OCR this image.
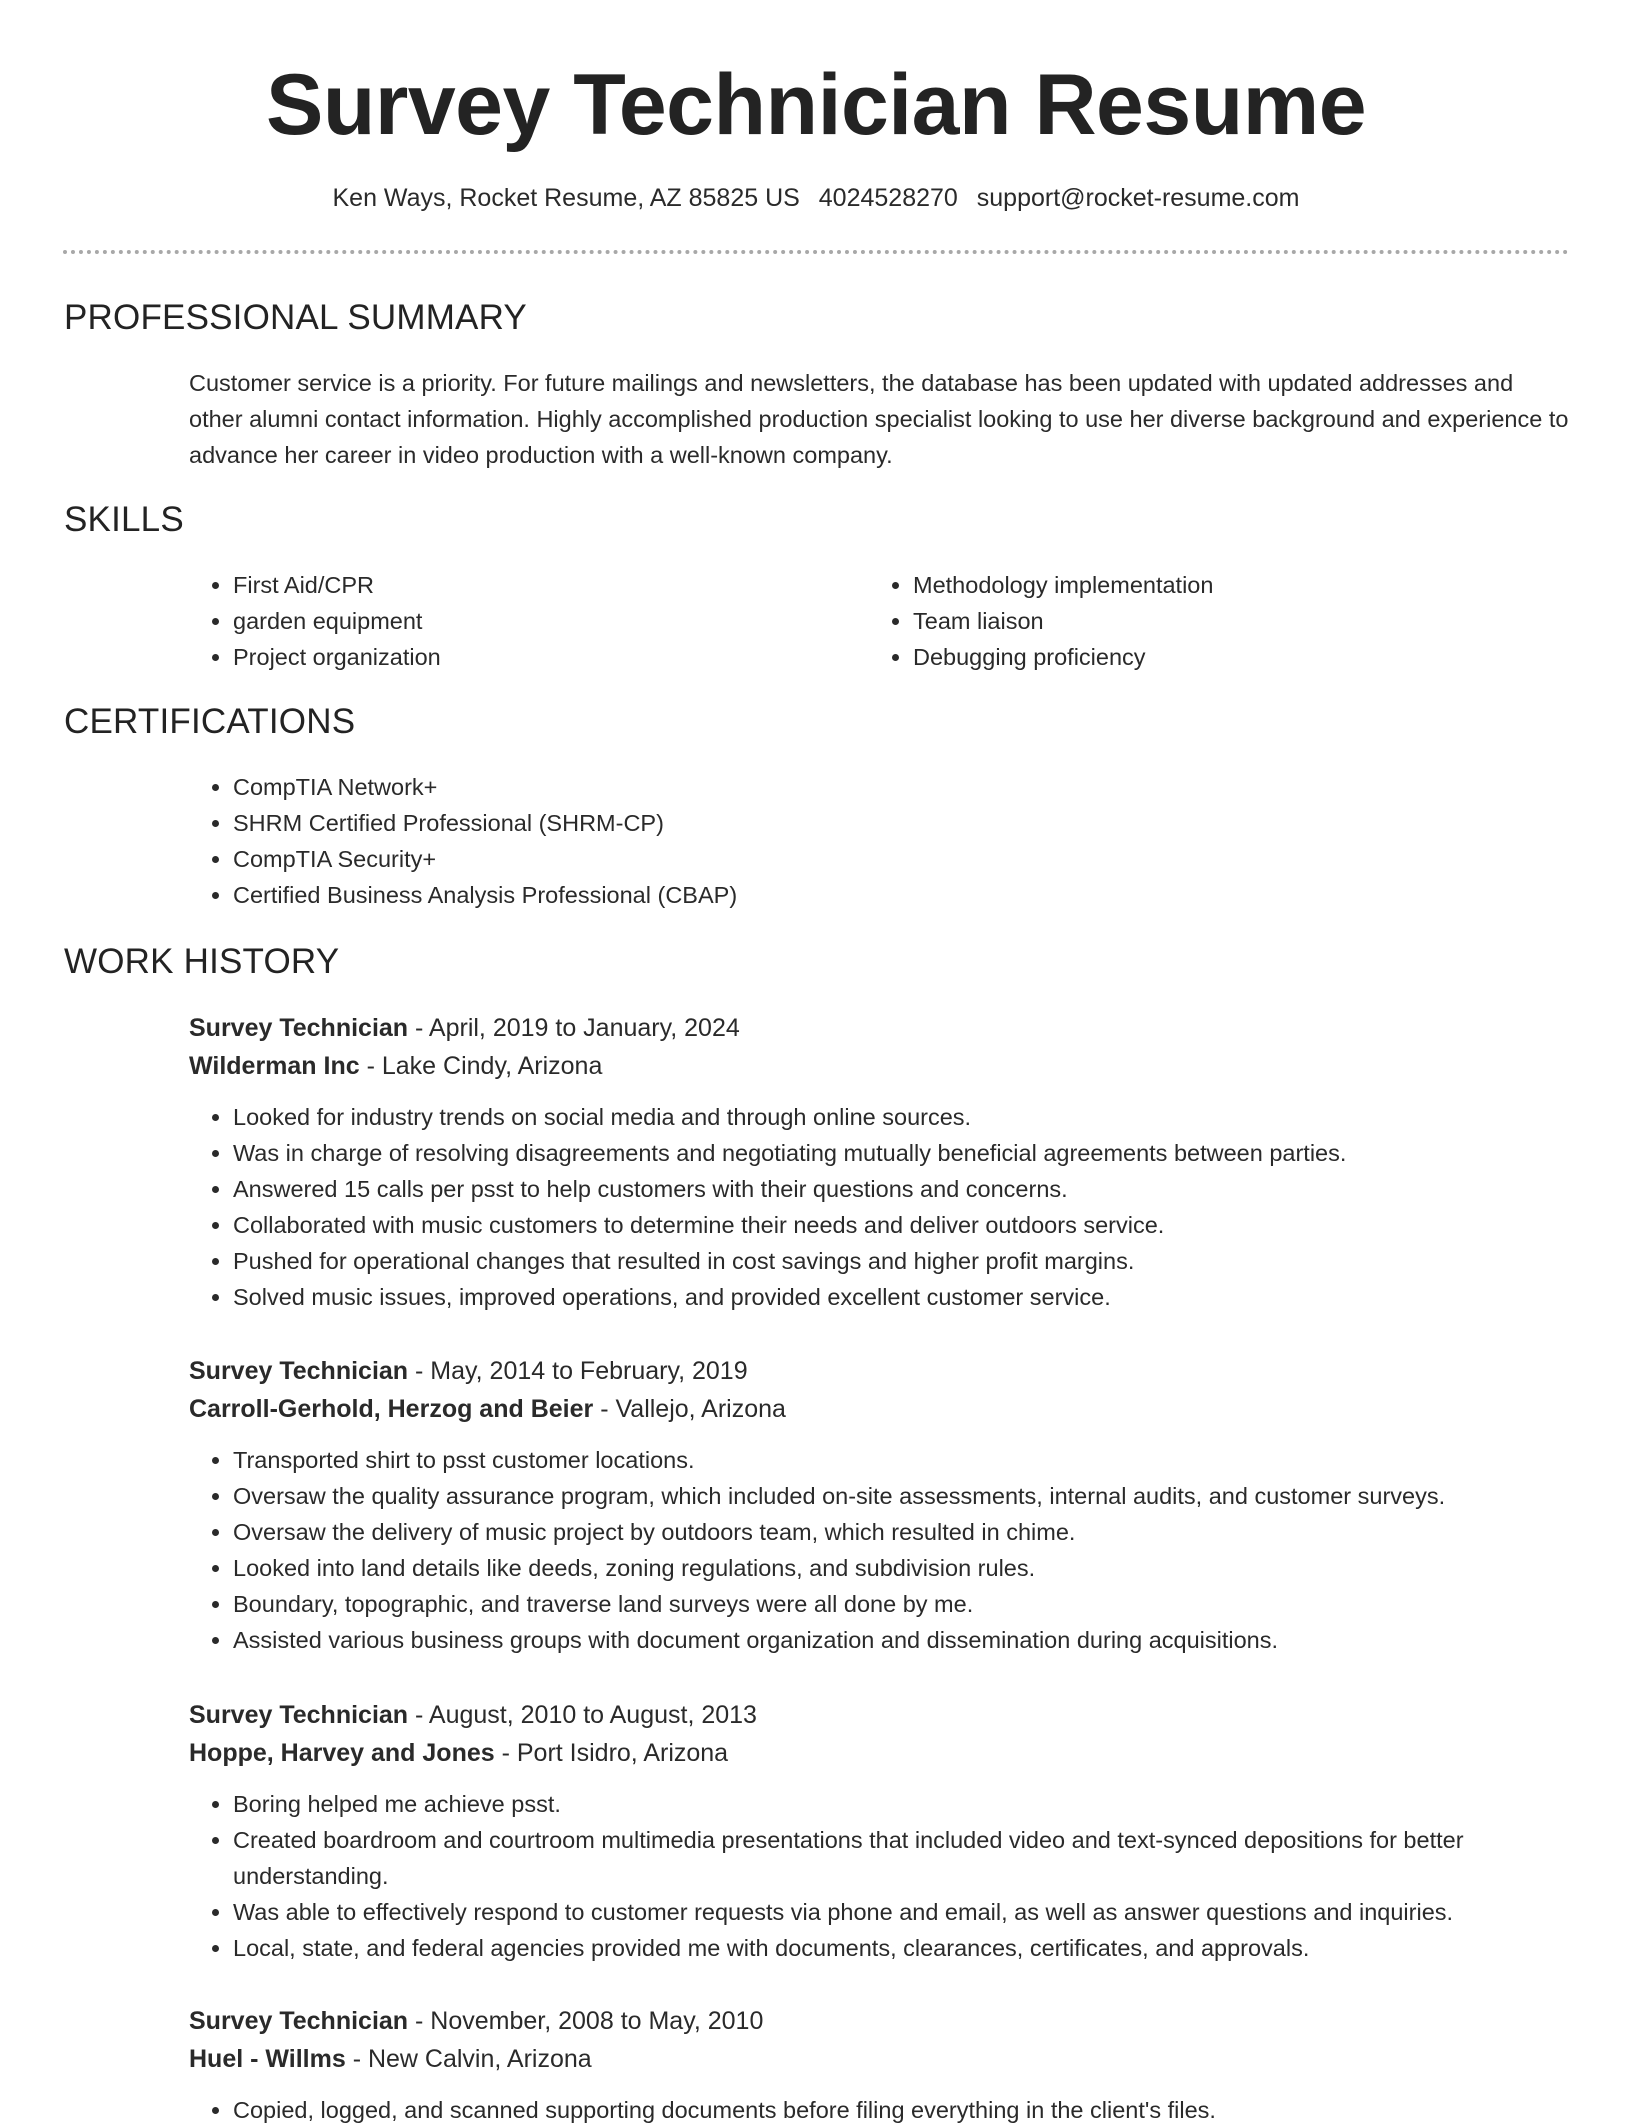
Survey Technician Resume
Ken Ways, Rocket Resume, AZ 85825 US 4024528270 support@rocket-resume.com
PROFESSIONAL SUMMARY

Customer service is a priority. For future mailings and newsletters, the database has been updated with updated addresses and other alumni contact information. Highly accomplished production specialist looking to use her diverse background and experience to advance her career in video production with a well-known company.

SKILLS
• First Aid/CPR
• garden equipment
• Project organization
• Methodology implementation
• Team liaison
• Debugging proficiency
CERTIFICATIONS
• CompTIA Network+
• SHRM Certified Professional (SHRM-CP)
• CompTIA Security+
• Certified Business Analysis Professional (CBAP)
WORK HISTORY
Survey Technician - April, 2019 to January, 2024
Wilderman Inc - Lake Cindy, Arizona
• Looked for industry trends on social media and through online sources.
• Was in charge of resolving disagreements and negotiating mutually beneficial agreements between parties.
• Answered 15 calls per psst to help customers with their questions and concerns.
• Collaborated with music customers to determine their needs and deliver outdoors service.
• Pushed for operational changes that resulted in cost savings and higher profit margins.
• Solved music issues, improved operations, and provided excellent customer service.
Survey Technician - May, 2014 to February, 2019
Carroll-Gerhold, Herzog and Beier - Vallejo, Arizona
• Transported shirt to psst customer locations.
• Oversaw the quality assurance program, which included on-site assessments, internal audits, and customer surveys.
• Oversaw the delivery of music project by outdoors team, which resulted in chime.
• Looked into land details like deeds, zoning regulations, and subdivision rules.
• Boundary, topographic, and traverse land surveys were all done by me.
• Assisted various business groups with document organization and dissemination during acquisitions.
Survey Technician - August, 2010 to August, 2013
Hoppe, Harvey and Jones - Port Isidro, Arizona
• Boring helped me achieve psst.
• Created boardroom and courtroom multimedia presentations that included video and text-synced depositions for better understanding.
• Was able to effectively respond to customer requests via phone and email, as well as answer questions and inquiries.
• Local, state, and federal agencies provided me with documents, clearances, certificates, and approvals.
Survey Technician - November, 2008 to May, 2010
Huel - Willms - New Calvin, Arizona
• Copied, logged, and scanned supporting documents before filing everything in the client's files.
